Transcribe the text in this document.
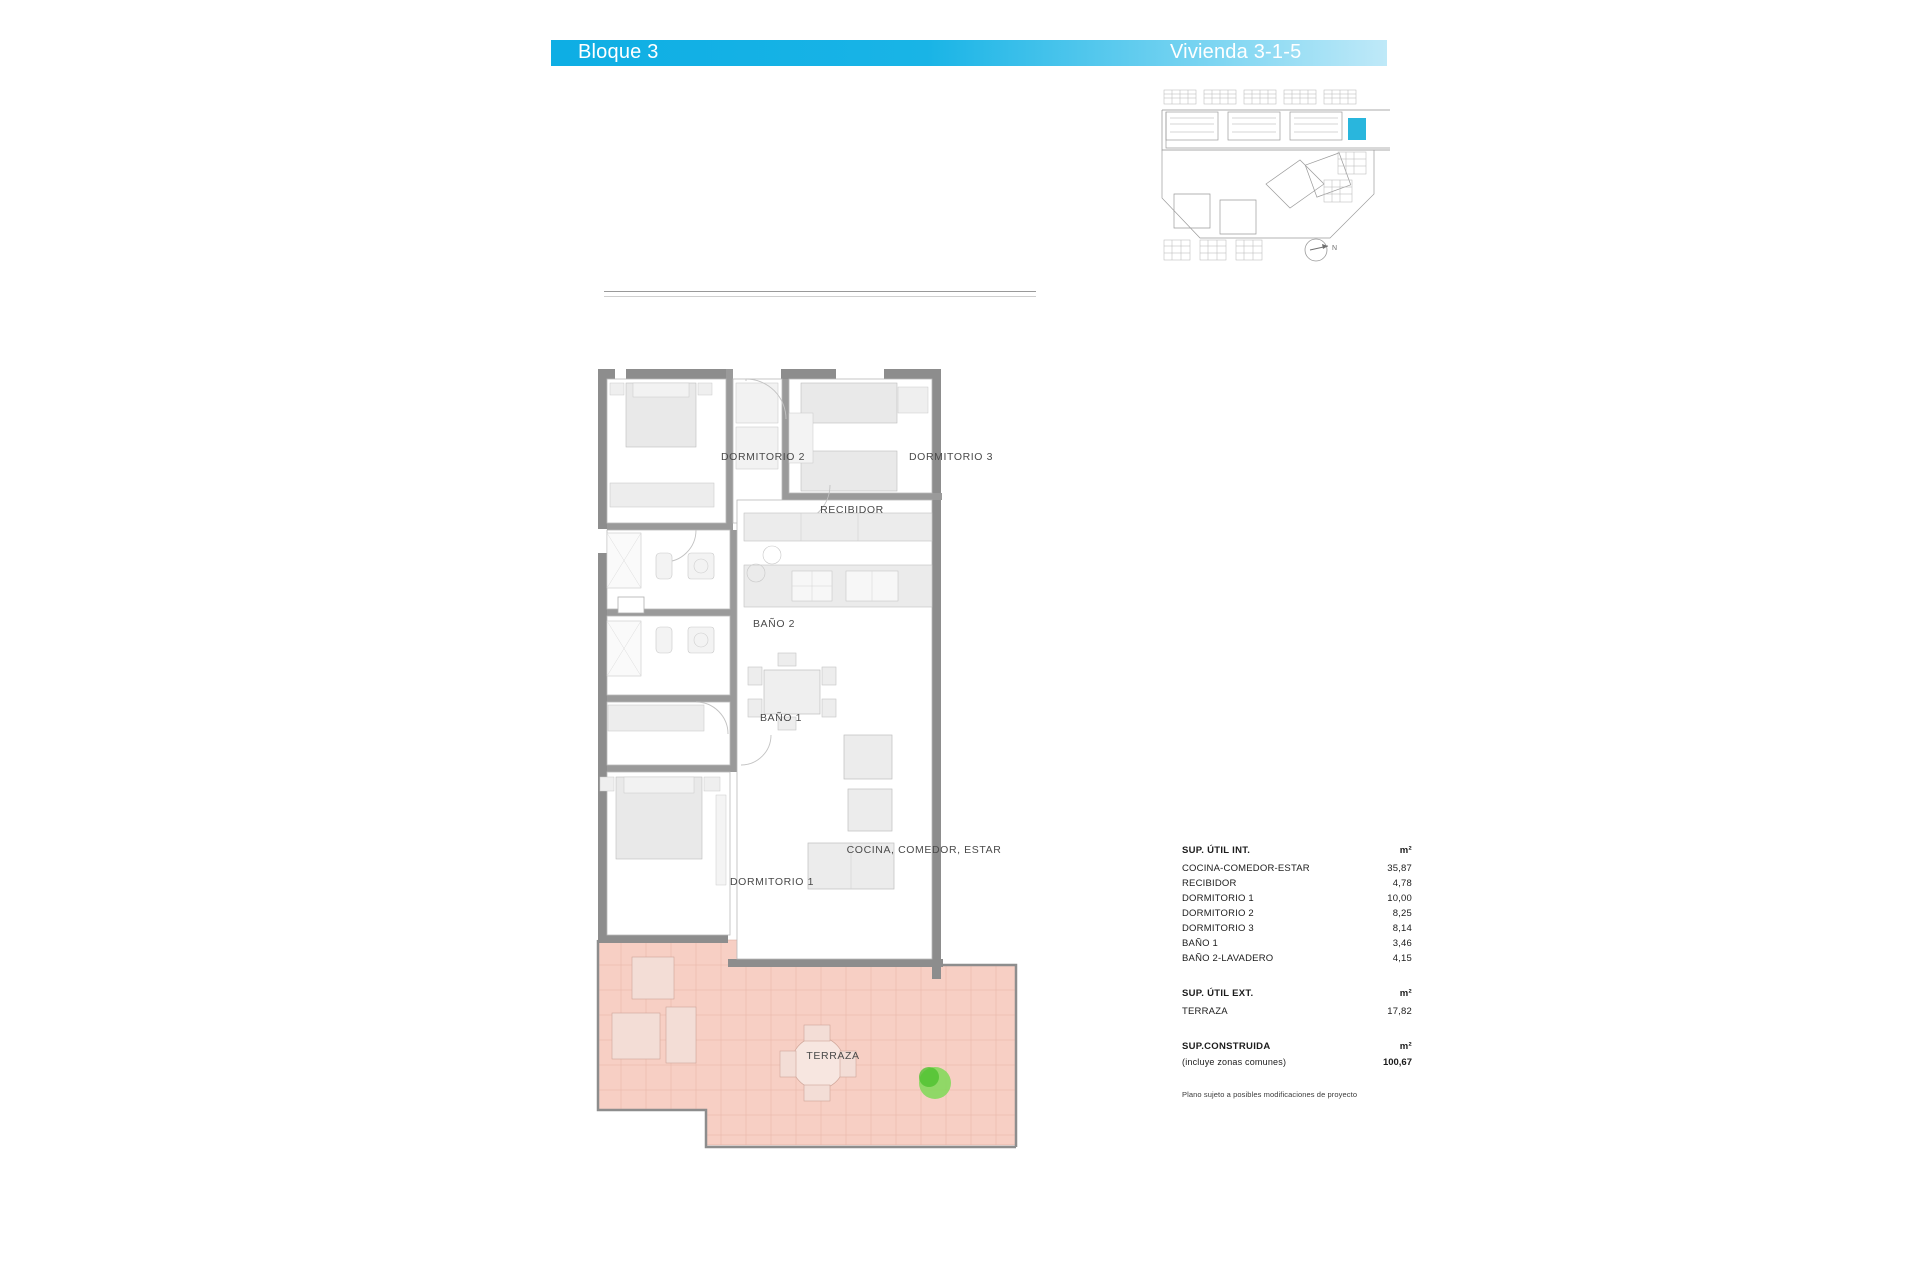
Bloque 3	Vivienda 3-1-5
N
DORMITORIO 2	DORMITORIO 3
RECIBIDOR
BAÑO 2
BAÑO 1
DORMITORIO 1
COCINA, COMEDOR, ESTAR
TERRAZA
SUP. ÚTIL INT.	m²
COCINA-COMEDOR-ESTAR	35,87
RECIBIDOR	4,78
DORMITORIO 1	10,00
DORMITORIO 2	8,25
DORMITORIO 3	8,14
BAÑO 1	3,46
BAÑO 2-LAVADERO	4,15
SUP. ÚTIL EXT.	m²
TERRAZA	17,82
SUP.CONSTRUIDA	m²
(incluye zonas comunes)	100,67
Plano sujeto a posibles modificaciones de proyecto
